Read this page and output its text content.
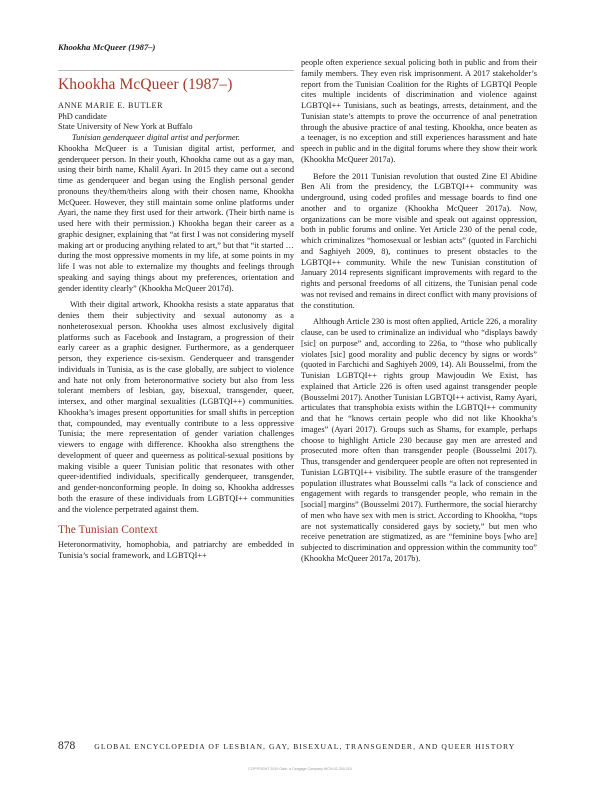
Khookha McQueer (1987–)
Khookha McQueer (1987–)

ANNE MARIE E. BUTLER

PhD candidate

State University of New York at Buffalo

Tunisian genderqueer digital artist and performer.

Khookha McQueer is a Tunisian digital artist, performer, and genderqueer person. In their youth, Khookha came out as a gay man, using their birth name, Khalil Ayari. In 2015 they came out a second time as genderqueer and began using the English personal gender pronouns they/them/theirs along with their chosen name, Khookha McQueer. However, they still maintain some online platforms under Ayari, the name they first used for their artwork. (Their birth name is used here with their permission.) Khookha began their career as a graphic designer, explaining that “at first I was not considering myself making art or producing anything related to art,” but that “it started … during the most oppressive moments in my life, at some points in my life I was not able to externalize my thoughts and feelings through speaking and saying things about my preferences, orientation and gender identity clearly” (Khookha McQueer 2017d).

With their digital artwork, Khookha resists a state apparatus that denies them their subjectivity and sexual autonomy as a nonheterosexual person. Khookha uses almost exclusively digital platforms such as Facebook and Instagram, a progression of their early career as a graphic designer. Furthermore, as a genderqueer person, they experience cis-sexism. Genderqueer and transgender individuals in Tunisia, as is the case globally, are subject to violence and hate not only from heteronormative society but also from less tolerant members of lesbian, gay, bisexual, transgender, queer, intersex, and other marginal sexualities (LGBTQI++) communities. Khookha’s images present opportunities for small shifts in perception that, compounded, may eventually contribute to a less oppressive Tunisia; the mere representation of gender variation challenges viewers to engage with difference. Khookha also strengthens the development of queer and queerness as political-sexual positions by making visible a queer Tunisian politic that resonates with other queer-identified individuals, specifically genderqueer, transgender, and gender-nonconforming people. In doing so, Khookha addresses both the erasure of these individuals from LGBTQI++ communities and the violence perpetrated against them.

The Tunisian Context

Heteronormativity, homophobia, and patriarchy are embedded in Tunisia’s social framework, and LGBTQI++

people often experience sexual policing both in public and from their family members. They even risk imprisonment. A 2017 stakeholder’s report from the Tunisian Coalition for the Rights of LGBTQI People cites multiple incidents of discrimination and violence against LGBTQI++ Tunisians, such as beatings, arrests, detainment, and the Tunisian state’s attempts to prove the occurrence of anal penetration through the abusive practice of anal testing. Khookha, once beaten as a teenager, is no exception and still experiences harassment and hate speech in public and in the digital forums where they show their work (Khookha McQueer 2017a).

Before the 2011 Tunisian revolution that ousted Zine El Abidine Ben Ali from the presidency, the LGBTQI++ community was underground, using coded profiles and message boards to find one another and to organize (Khookha McQueer 2017a). Now, organizations can be more visible and speak out against oppression, both in public forums and online. Yet Article 230 of the penal code, which criminalizes “homosexual or lesbian acts” (quoted in Farchichi and Saghiyeh 2009, 8), continues to present obstacles to the LGBTQI++ community. While the new Tunisian constitution of January 2014 represents significant improvements with regard to the rights and personal freedoms of all citizens, the Tunisian penal code was not revised and remains in direct conflict with many provisions of the constitution.

Although Article 230 is most often applied, Article 226, a morality clause, can be used to criminalize an individual who “displays bawdy [sic] on purpose” and, according to 226a, to “those who publically violates [sic] good morality and public decency by signs or words” (quoted in Farchichi and Saghiyeh 2009, 14). Ali Bousselmi, from the Tunisian LGBTQI++ rights group Mawjoudin We Exist, has explained that Article 226 is often used against transgender people (Bousselmi 2017). Another Tunisian LGBTQI++ activist, Ramy Ayari, articulates that transphobia exists within the LGBTQI++ community and that he “knows certain people who did not like Khookha’s images” (Ayari 2017). Groups such as Shams, for example, perhaps choose to highlight Article 230 because gay men are arrested and prosecuted more often than transgender people (Bousselmi 2017). Thus, transgender and genderqueer people are often not represented in Tunisian LGBTQI++ visibility. The subtle erasure of the transgender population illustrates what Bousselmi calls “a lack of conscience and engagement with regards to transgender people, who remain in the [social] margins” (Bousselmi 2017). Furthermore, the social hierarchy of men who have sex with men is strict. According to Khookha, “tops are not systematically considered gays by society,” but men who receive penetration are stigmatized, as are “feminine boys [who are] subjected to discrimination and oppression within the community too” (Khookha McQueer 2017a, 2017b).

878	GLOBAL ENCYCLOPEDIA OF LESBIAN, GAY, BISEXUAL, TRANSGENDER, AND QUEER HISTORY
COPYRIGHT 2019 Gale, a Cengage Company WCN 02-200-210
